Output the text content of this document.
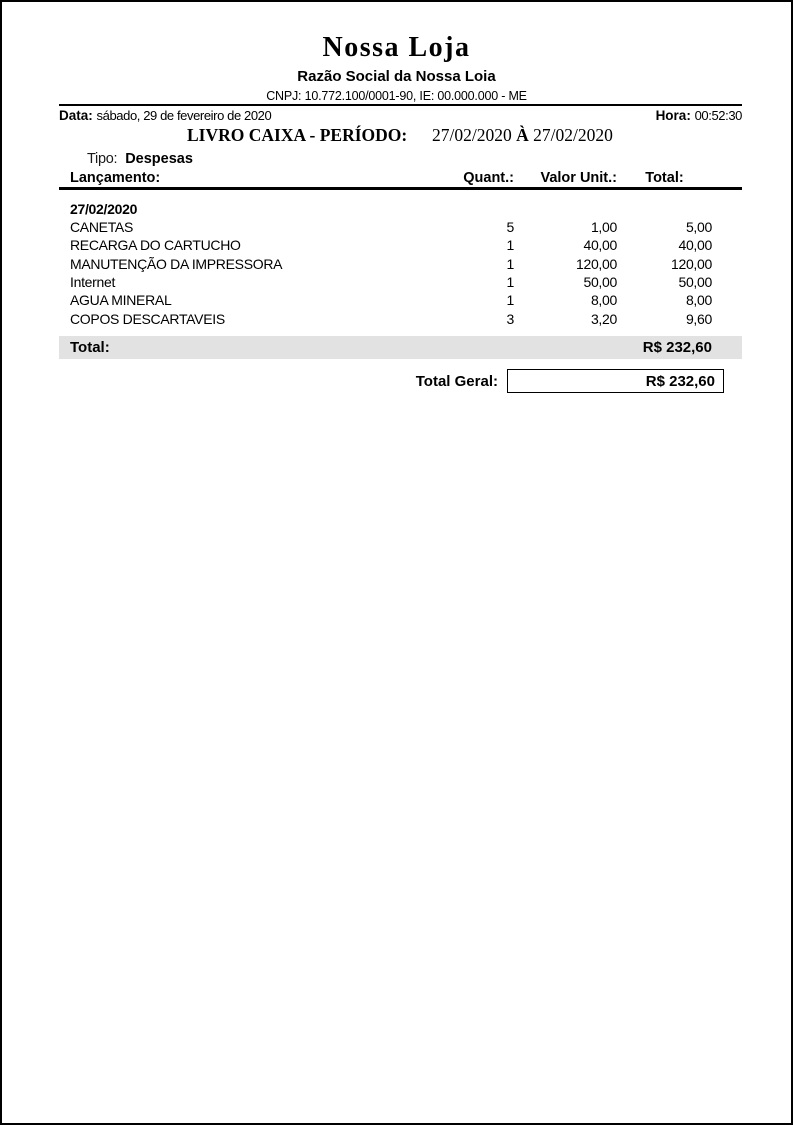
Nossa Loja
Razão Social da Nossa Loia
CNPJ: 10.772.100/0001-90, IE: 00.000.000 - ME
Data: sábado, 29 de fevereiro de 2020	Hora: 00:52:30
LIVRO CAIXA - PERÍODO: 27/02/2020 À 27/02/2020
Tipo: Despesas
Lançamento:	Quant.:	Valor Unit.:	Total:
27/02/2020
CANETAS	5	1,00	5,00
RECARGA DO CARTUCHO	1	40,00	40,00
MANUTENÇÃO DA IMPRESSORA	1	120,00	120,00
Internet	1	50,00	50,00
AGUA MINERAL	1	8,00	8,00
COPOS DESCARTAVEIS	3	3,20	9,60
Total:	R$ 232,60
Total Geral:	R$ 232,60
